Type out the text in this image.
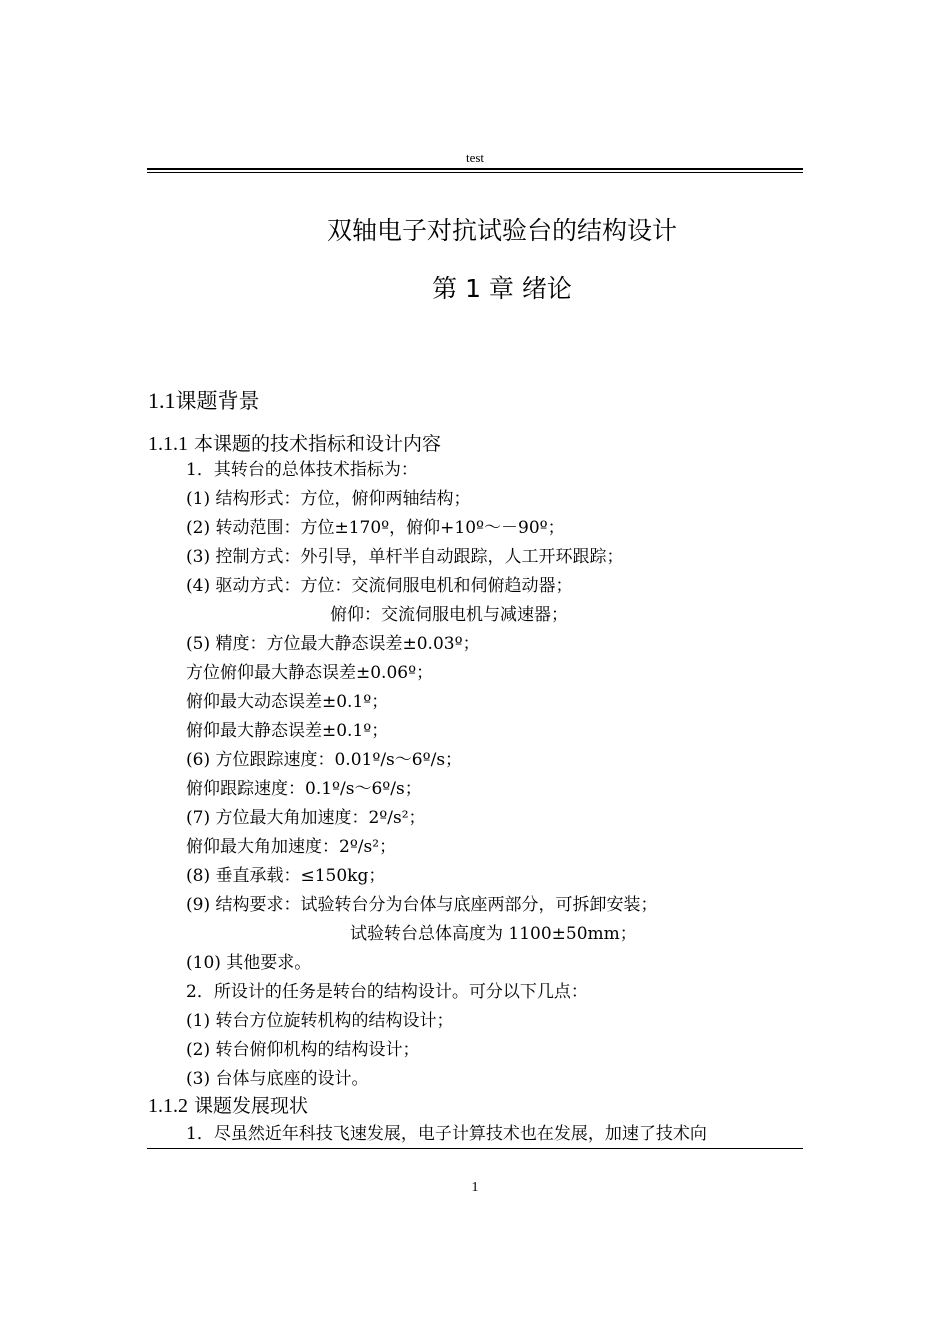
test
双轴电子对抗试验台的结构设计
第 1 章 绪论
1.1课题背景
1.1.1 本课题的技术指标和设计内容
1．其转台的总体技术指标为：
(1) 结构形式：方位，俯仰两轴结构；
(2) 转动范围：方位±170º，俯仰+10º～－90º；
(3) 控制方式：外引导，单杆半自动跟踪，人工开环跟踪；
(4) 驱动方式：方位：交流伺服电机和伺俯趋动器；
俯仰：交流伺服电机与减速器；
(5) 精度：方位最大静态误差±0.03º；
方位俯仰最大静态误差±0.06º；
俯仰最大动态误差±0.1º；
俯仰最大静态误差±0.1º；
(6) 方位跟踪速度：0.01º/s～6º/s；
俯仰跟踪速度：0.1º/s～6º/s；
(7) 方位最大角加速度：2º/s²；
俯仰最大角加速度：2º/s²；
(8) 垂直承载：≤150kg；
(9) 结构要求：试验转台分为台体与底座两部分，可拆卸安装；
试验转台总体高度为 1100±50mm；
(10) 其他要求。
2．所设计的任务是转台的结构设计。可分以下几点：
(1) 转台方位旋转机构的结构设计；
(2) 转台俯仰机构的结构设计；
(3) 台体与底座的设计。
1.1.2 课题发展现状
1．尽虽然近年科技飞速发展，电子计算技术也在发展，加速了技术向
1
